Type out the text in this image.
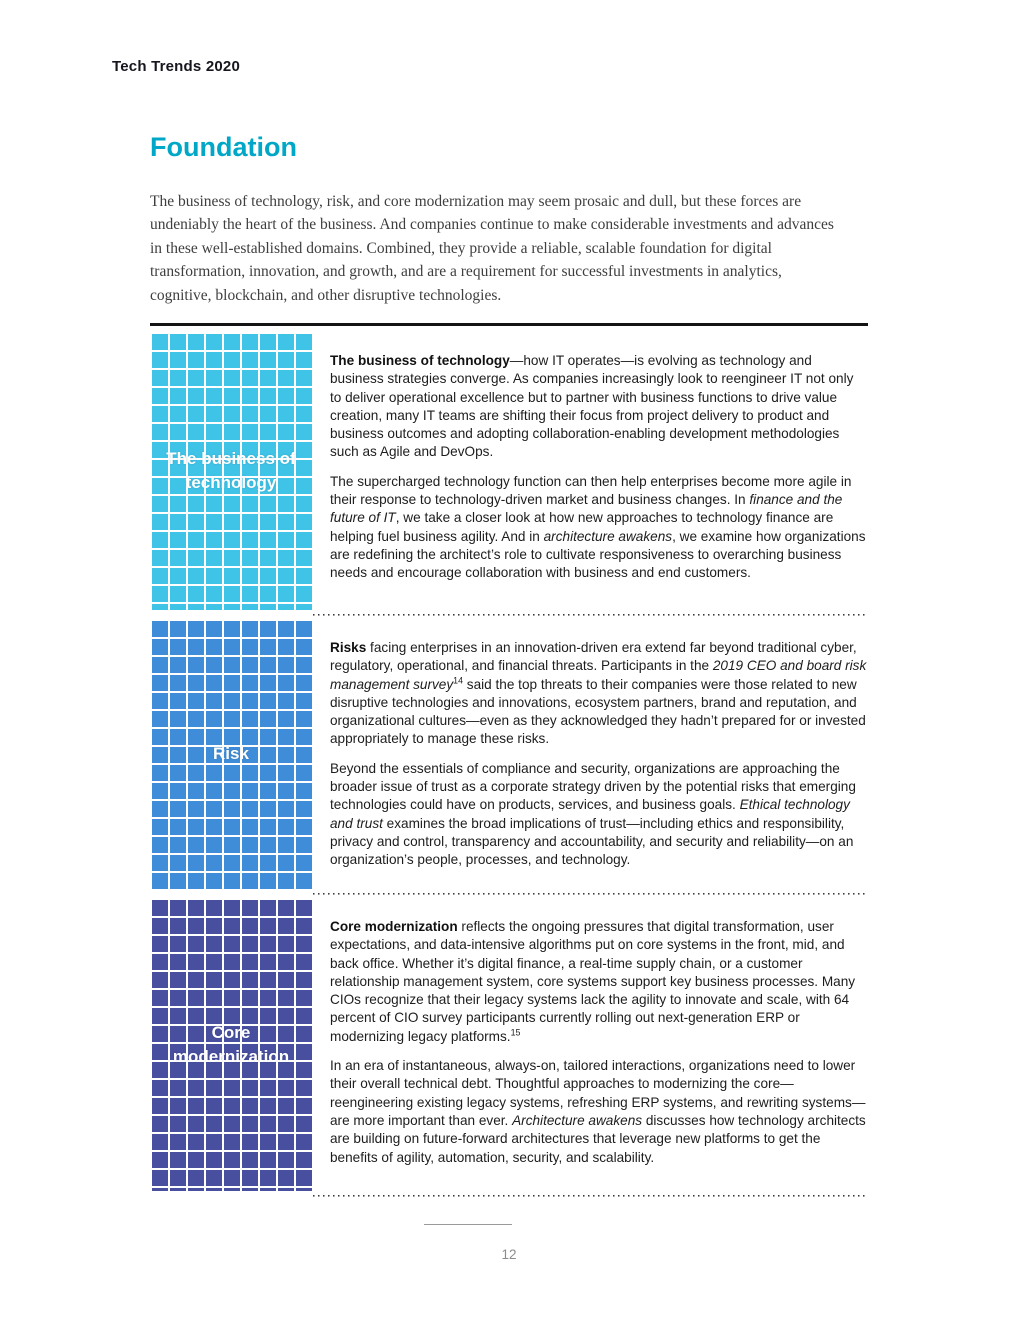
Tech Trends 2020
Foundation
The business of technology, risk, and core modernization may seem prosaic and dull, but these forces are undeniably the heart of the business. And companies continue to make considerable investments and advances in these well-established domains. Combined, they provide a reliable, scalable foundation for digital transformation, innovation, and growth, and are a requirement for successful investments in analytics, cognitive, blockchain, and other disruptive technologies.
The business of technology

The business of technology—how IT operates—is evolving as technology and business strategies converge. As companies increasingly look to reengineer IT not only to deliver operational excellence but to partner with business functions to drive value creation, many IT teams are shifting their focus from project delivery to product and business outcomes and adopting collaboration-enabling development methodologies such as Agile and DevOps.

The supercharged technology function can then help enterprises become more agile in their response to technology-driven market and business changes. In finance and the future of IT, we take a closer look at how new approaches to technology finance are helping fuel business agility. And in architecture awakens, we examine how organizations are redefining the architect’s role to cultivate responsiveness to overarching business needs and encourage collaboration with business and end customers.

Risk

Risks facing enterprises in an innovation-driven era extend far beyond traditional cyber, regulatory, operational, and financial threats. Participants in the 2019 CEO and board risk management survey$^{14}$ said the top threats to their companies were those related to new disruptive technologies and innovations, ecosystem partners, brand and reputation, and organizational cultures—even as they acknowledged they hadn’t prepared for or invested appropriately to manage these risks.

Beyond the essentials of compliance and security, organizations are approaching the broader issue of trust as a corporate strategy driven by the potential risks that emerging technologies could have on products, services, and business goals. Ethical technology and trust examines the broad implications of trust—including ethics and responsibility, privacy and control, transparency and accountability, and security and reliability—on an organization’s people, processes, and technology.

Core modernization

Core modernization reflects the ongoing pressures that digital transformation, user expectations, and data-intensive algorithms put on core systems in the front, mid, and back office. Whether it’s digital finance, a real-time supply chain, or a customer relationship management system, core systems support key business processes. Many CIOs recognize that their legacy systems lack the agility to innovate and scale, with 64 percent of CIO survey participants currently rolling out next-generation ERP or modernizing legacy platforms.$^{15}$

In an era of instantaneous, always-on, tailored interactions, organizations need to lower their overall technical debt. Thoughtful approaches to modernizing the core—reengineering existing legacy systems, refreshing ERP systems, and rewriting systems—are more important than ever. Architecture awakens discusses how technology architects are building on future-forward architectures that leverage new platforms to get the benefits of agility, automation, security, and scalability.

12
